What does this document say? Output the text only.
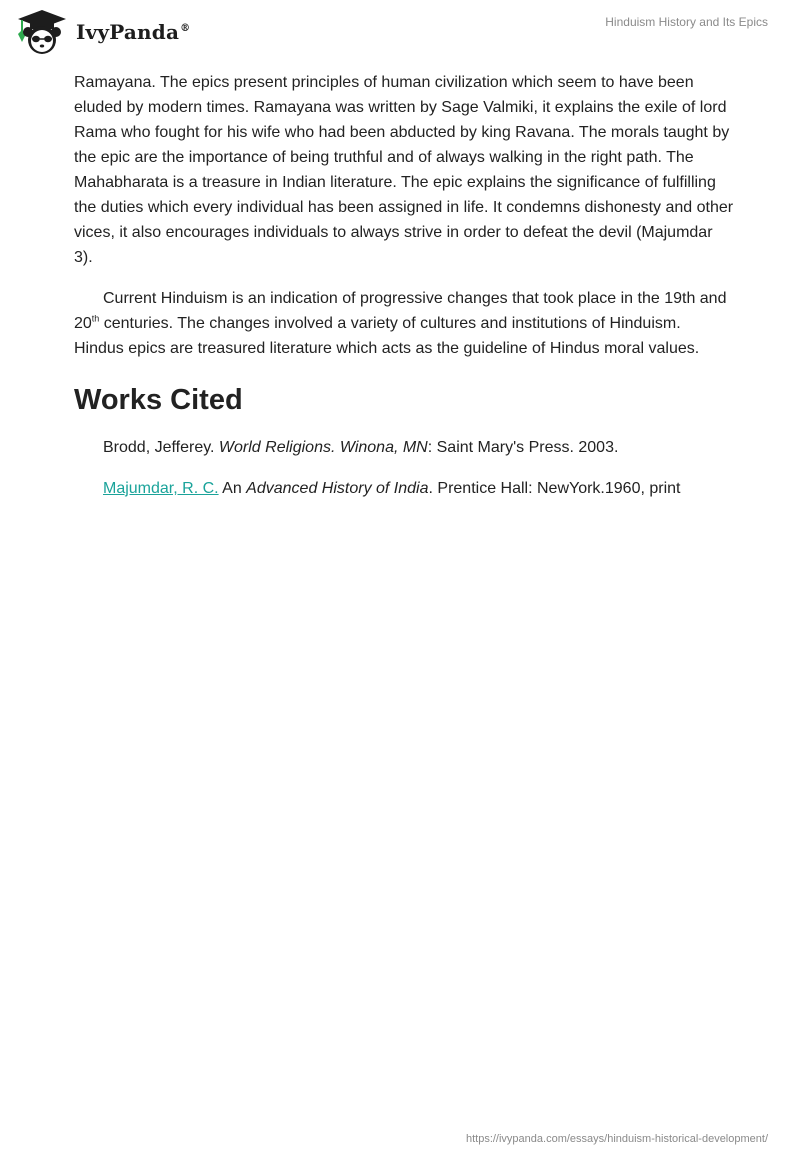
IvyPanda®	Hinduism History and Its Epics

Ramayana. The epics present principles of human civilization which seem to have been eluded by modern times. Ramayana was written by Sage Valmiki, it explains the exile of lord Rama who fought for his wife who had been abducted by king Ravana. The morals taught by the epic are the importance of being truthful and of always walking in the right path. The Mahabharata is a treasure in Indian literature. The epic explains the significance of fulfilling the duties which every individual has been assigned in life. It condemns dishonesty and other vices, it also encourages individuals to always strive in order to defeat the devil (Majumdar 3).

Current Hinduism is an indication of progressive changes that took place in the 19th and 20th centuries. The changes involved a variety of cultures and institutions of Hinduism. Hindus epics are treasured literature which acts as the guideline of Hindus moral values.

Works Cited

Brodd, Jefferey. World Religions. Winona, MN: Saint Mary's Press. 2003.

Majumdar, R. C. An Advanced History of India. Prentice Hall: NewYork.1960, print

https://ivypanda.com/essays/hinduism-historical-development/
